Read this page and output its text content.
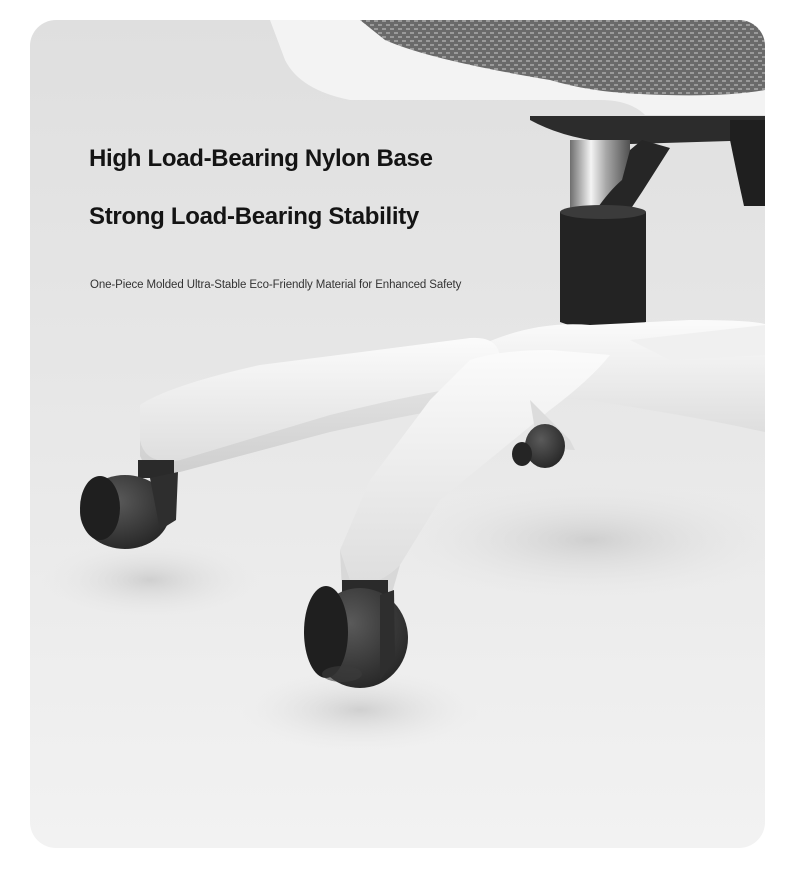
High Load-Bearing Nylon Base
Strong Load-Bearing Stability

One-Piece Molded Ultra-Stable Eco-Friendly Material for Enhanced Safety
